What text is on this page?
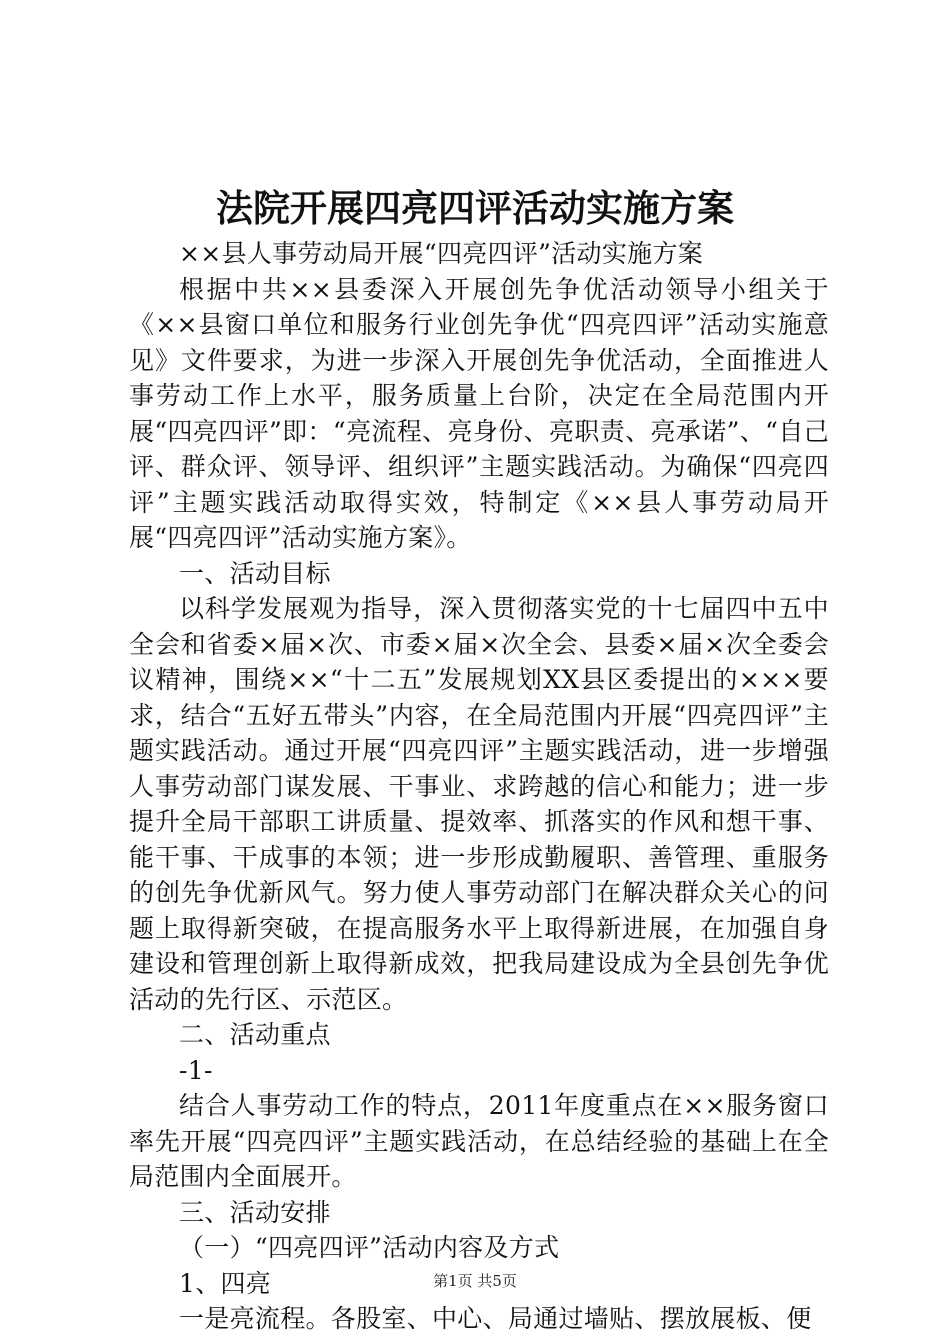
法院开展四亮四评活动实施方案

××县人事劳动局开展“四亮四评”活动实施方案

根据中共××县委深入开展创先争优活动领导小组关于《××县窗口单位和服务行业创先争优“四亮四评”活动实施意见》文件要求，为进一步深入开展创先争优活动，全面推进人事劳动工作上水平，服务质量上台阶，决定在全局范围内开展“四亮四评”即：“亮流程、亮身份、亮职责、亮承诺”、“自己评、群众评、领导评、组织评”主题实践活动。为确保“四亮四评”主题实践活动取得实效，特制定《××县人事劳动局开展“四亮四评”活动实施方案》。

一、活动目标

以科学发展观为指导，深入贯彻落实党的十七届四中五中全会和省委×届×次、市委×届×次全会、县委×届×次全委会议精神，围绕××“十二五”发展规划XX县区委提出的×××要求，结合“五好五带头”内容，在全局范围内开展“四亮四评”主题实践活动。通过开展“四亮四评”主题实践活动，进一步增强人事劳动部门谋发展、干事业、求跨越的信心和能力；进一步提升全局干部职工讲质量、提效率、抓落实的作风和想干事、能干事、干成事的本领；进一步形成勤履职、善管理、重服务的创先争优新风气。努力使人事劳动部门在解决群众关心的问题上取得新突破，在提高服务水平上取得新进展，在加强自身建设和管理创新上取得新成效，把我局建设成为全县创先争优活动的先行区、示范区。

二、活动重点

-1-

结合人事劳动工作的特点，2011年度重点在××服务窗口率先开展“四亮四评”主题实践活动，在总结经验的基础上在全局范围内全面展开。

三、活动安排

（一）“四亮四评”活动内容及方式

1、四亮

一是亮流程。各股室、中心、局通过墙贴、摆放展板、便

第1页 共5页
